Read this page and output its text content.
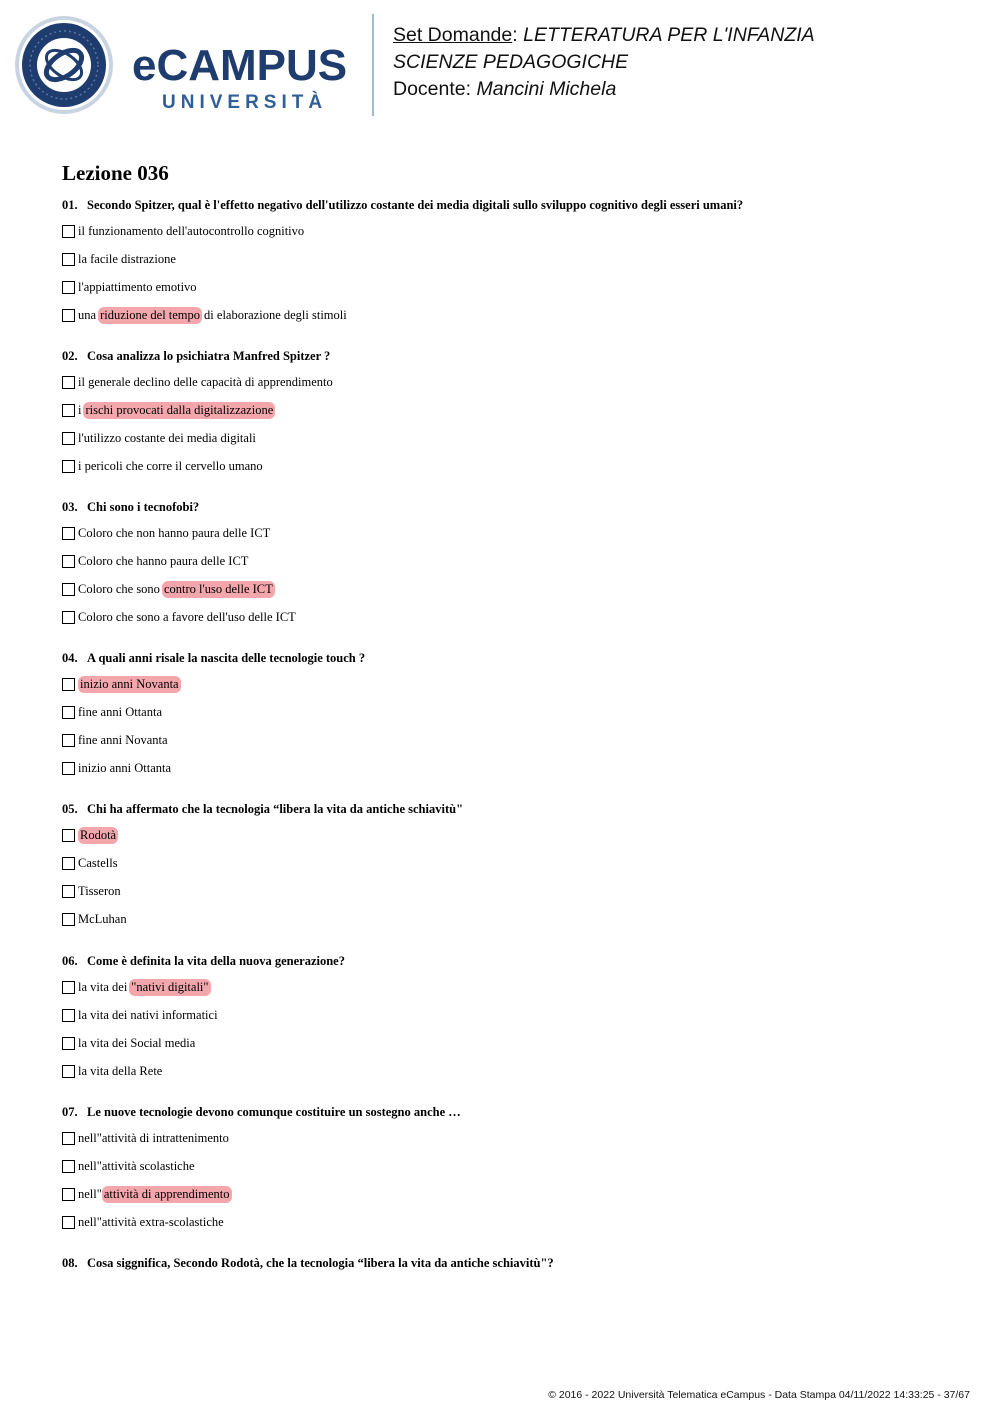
eCAMPUS
UNIVERSITÀ
Set Domande: LETTERATURA PER L'INFANZIA
SCIENZE PEDAGOGICHE
Docente: Mancini Michela
Lezione 036

01. Secondo Spitzer, qual è l'effetto negativo dell'utilizzo costante dei media digitali sullo sviluppo cognitivo degli esseri umani?

il funzionamento dell'autocontrollo cognitivo
la facile distrazione
l'appiattimento emotivo
una riduzione del tempo di elaborazione degli stimoli

02. Cosa analizza lo psichiatra Manfred Spitzer ?

il generale declino delle capacità di apprendimento
i rischi provocati dalla digitalizzazione
l'utilizzo costante dei media digitali
i pericoli che corre il cervello umano

03. Chi sono i tecnofobi?

Coloro che non hanno paura delle ICT
Coloro che hanno paura delle ICT
Coloro che sono contro l'uso delle ICT
Coloro che sono a favore dell'uso delle ICT

04. A quali anni risale la nascita delle tecnologie touch ?

inizio anni Novanta
fine anni Ottanta
fine anni Novanta
inizio anni Ottanta

05. Chi ha affermato che la tecnologia “libera la vita da antiche schiavitù"

Rodotà
Castells
Tisseron
McLuhan

06. Come è definita la vita della nuova generazione?

la vita dei "nativi digitali"
la vita dei nativi informatici
la vita dei Social media
la vita della Rete

07. Le nuove tecnologie devono comunque costituire un sostegno anche …

nell"attività di intrattenimento
nell"attività scolastiche
nell" attività di apprendimento
nell"attività extra-scolastiche

08. Cosa siggnifica, Secondo Rodotà, che la tecnologia “libera la vita da antiche schiavitù"?

© 2016 - 2022 Università Telematica eCampus - Data Stampa 04/11/2022 14:33:25 - 37/67
